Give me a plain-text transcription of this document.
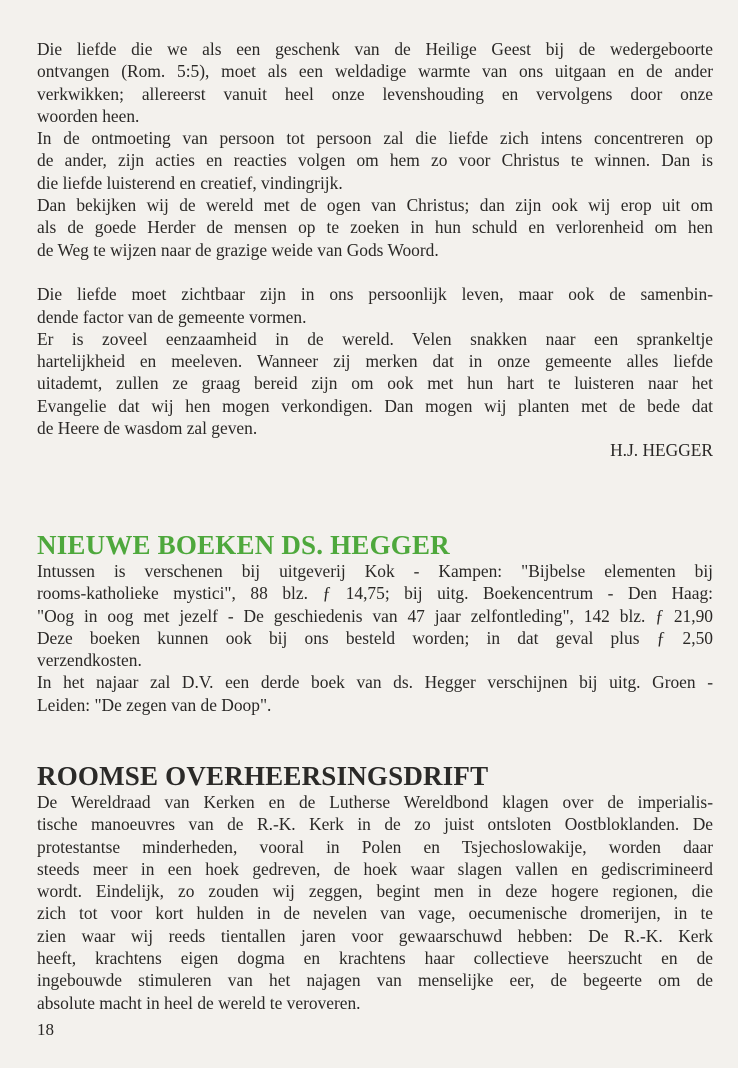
Die liefde die we als een geschenk van de Heilige Geest bij de wedergeboorte
ontvangen (Rom. 5:5), moet als een weldadige warmte van ons uitgaan en de ander
verkwikken; allereerst vanuit heel onze levenshouding en vervolgens door onze
woorden heen.
In de ontmoeting van persoon tot persoon zal die liefde zich intens concentreren op
de ander, zijn acties en reacties volgen om hem zo voor Christus te winnen. Dan is
die liefde luisterend en creatief, vindingrijk.
Dan bekijken wij de wereld met de ogen van Christus; dan zijn ook wij erop uit om
als de goede Herder de mensen op te zoeken in hun schuld en verlorenheid om hen
de Weg te wijzen naar de grazige weide van Gods Woord.
Die liefde moet zichtbaar zijn in ons persoonlijk leven, maar ook de samenbin-
dende factor van de gemeente vormen.
Er is zoveel eenzaamheid in de wereld. Velen snakken naar een sprankeltje
hartelijkheid en meeleven. Wanneer zij merken dat in onze gemeente alles liefde
uitademt, zullen ze graag bereid zijn om ook met hun hart te luisteren naar het
Evangelie dat wij hen mogen verkondigen. Dan mogen wij planten met de bede dat
de Heere de wasdom zal geven.
H.J. HEGGER
NIEUWE BOEKEN DS. HEGGER
Intussen is verschenen bij uitgeverij Kok - Kampen: "Bijbelse elementen bij
rooms-katholieke mystici", 88 blz. ƒ 14,75; bij uitg. Boekencentrum - Den Haag:
"Oog in oog met jezelf - De geschiedenis van 47 jaar zelfontleding", 142 blz. ƒ 21,90
Deze boeken kunnen ook bij ons besteld worden; in dat geval plus ƒ 2,50
verzendkosten.
In het najaar zal D.V. een derde boek van ds. Hegger verschijnen bij uitg. Groen -
Leiden: "De zegen van de Doop".
ROOMSE OVERHEERSINGSDRIFT
De Wereldraad van Kerken en de Lutherse Wereldbond klagen over de imperialis-
tische manoeuvres van de R.-K. Kerk in de zo juist ontsloten Oostbloklanden. De
protestantse minderheden, vooral in Polen en Tsjechoslowakije, worden daar
steeds meer in een hoek gedreven, de hoek waar slagen vallen en gediscrimineerd
wordt. Eindelijk, zo zouden wij zeggen, begint men in deze hogere regionen, die
zich tot voor kort hulden in de nevelen van vage, oecumenische dromerijen, in te
zien waar wij reeds tientallen jaren voor gewaarschuwd hebben: De R.-K. Kerk
heeft, krachtens eigen dogma en krachtens haar collectieve heerszucht en de
ingebouwde stimuleren van het najagen van menselijke eer, de begeerte om de
absolute macht in heel de wereld te veroveren.
18
